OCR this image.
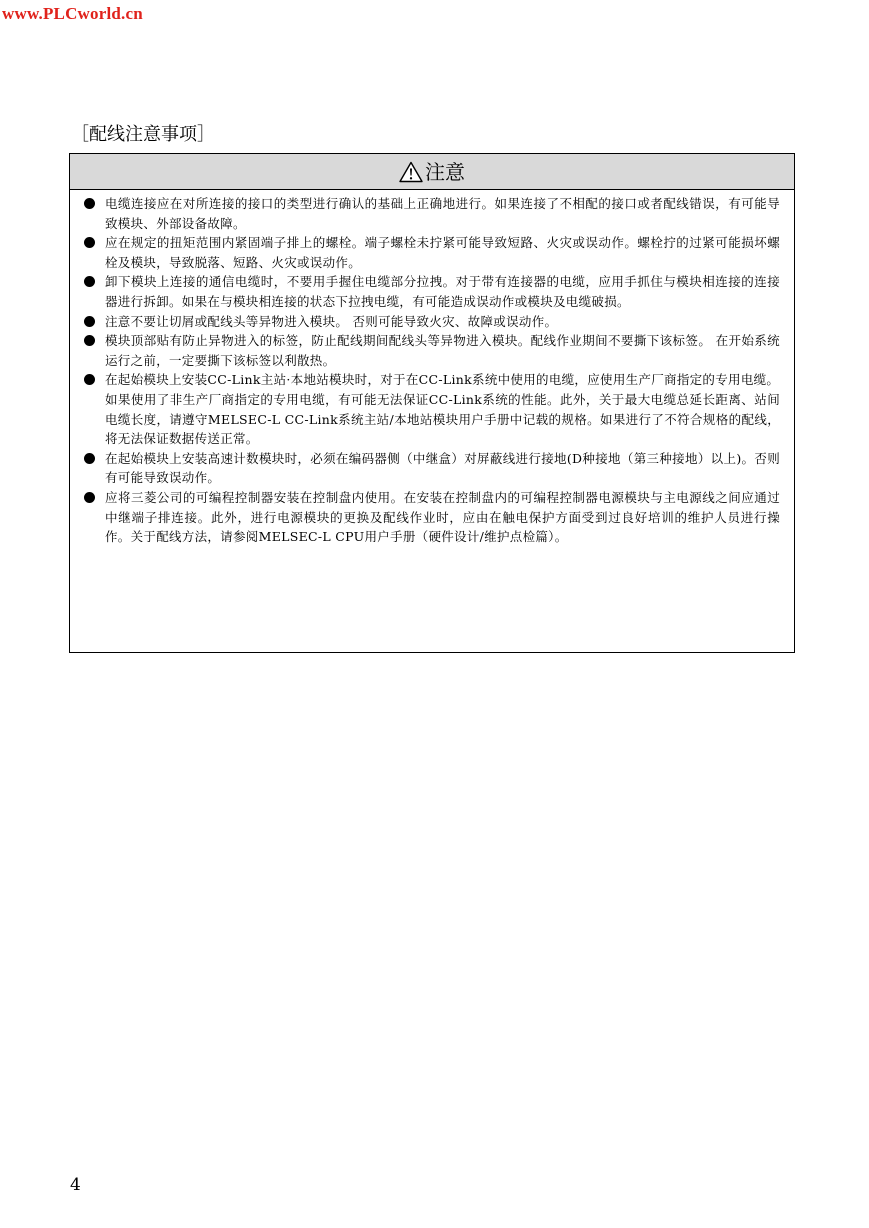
www.PLCworld.cn
［配线注意事项］
注意
电缆连接应在对所连接的接口的类型进行确认的基础上正确地进行。如果连接了不相配的接口或者配线错误，有可能导致模块、外部设备故障。
应在规定的扭矩范围内紧固端子排上的螺栓。端子螺栓未拧紧可能导致短路、火灾或误动作。螺栓拧的过紧可能损坏螺栓及模块，导致脱落、短路、火灾或误动作。
卸下模块上连接的通信电缆时，不要用手握住电缆部分拉拽。对于带有连接器的电缆，应用手抓住与模块相连接的连接器进行拆卸。如果在与模块相连接的状态下拉拽电缆，有可能造成误动作或模块及电缆破损。
注意不要让切屑或配线头等异物进入模块。 否则可能导致火灾、故障或误动作。
模块顶部贴有防止异物进入的标签，防止配线期间配线头等异物进入模块。配线作业期间不要撕下该标签。 在开始系统运行之前，一定要撕下该标签以利散热。
在起始模块上安装CC-Link主站·本地站模块时，对于在CC-Link系统中使用的电缆，应使用生产厂商指定的专用电缆。
如果使用了非生产厂商指定的专用电缆，有可能无法保证CC-Link系统的性能。此外，关于最大电缆总延长距离、站间电缆长度，请遵守MELSEC-L CC-Link系统主站/本地站模块用户手册中记载的规格。如果进行了不符合规格的配线，将无法保证数据传送正常。
在起始模块上安装高速计数模块时，必须在编码器侧（中继盒）对屏蔽线进行接地(D种接地（第三种接地）以上)。否则有可能导致误动作。
应将三菱公司的可编程控制器安装在控制盘内使用。在安装在控制盘内的可编程控制器电源模块与主电源线之间应通过中继端子排连接。此外，进行电源模块的更换及配线作业时，应由在触电保护方面受到过良好培训的维护人员进行操作。关于配线方法，请参阅MELSEC-L CPU用户手册（硬件设计/维护点检篇）。
4
